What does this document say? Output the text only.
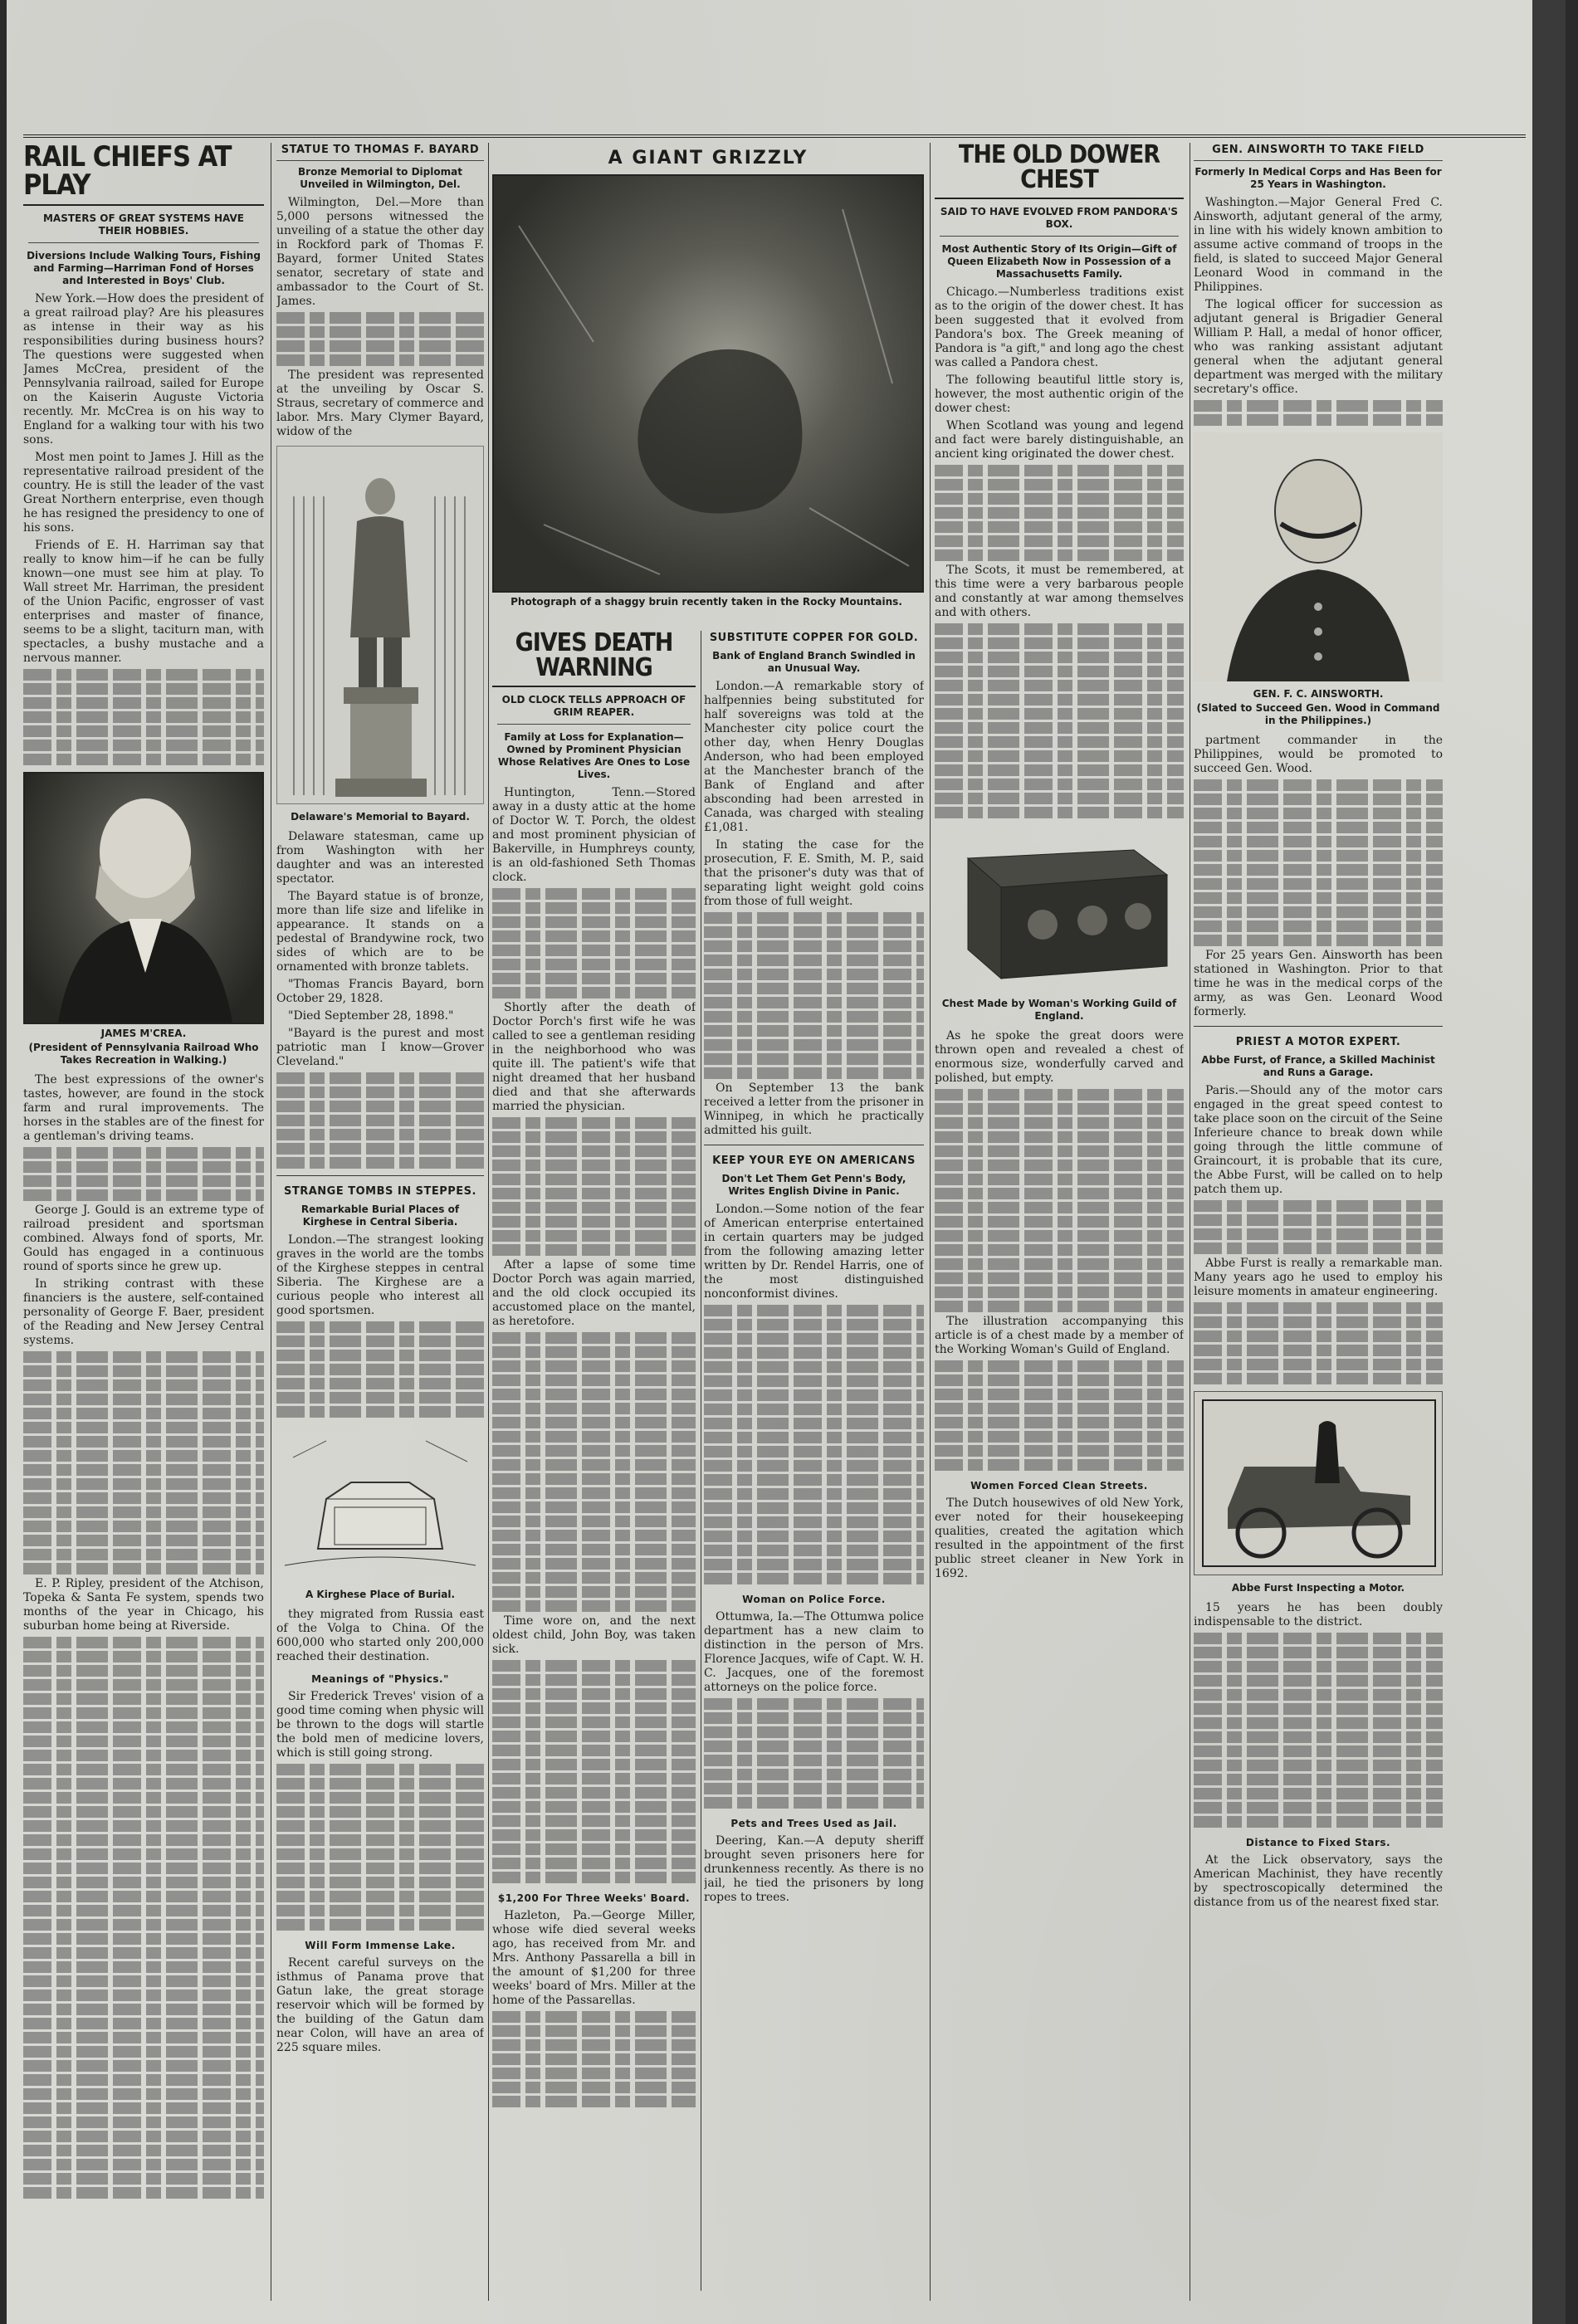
RAIL CHIEFS AT PLAY
MASTERS OF GREAT SYSTEMS HAVE THEIR HOBBIES.
Diversions Include Walking Tours, Fishing and Farming—Harriman Fond of Horses and Interested in Boys' Club.

New York.—How does the president of a great railroad play? Are his pleasures as intense in their way as his responsibilities during business hours? The questions were suggested when James McCrea, president of the Pennsylvania railroad, sailed for Europe on the Kaiserin Auguste Victoria recently. Mr. McCrea is on his way to England for a walking tour with his two sons.

Most men point to James J. Hill as the representative railroad president of the country. He is still the leader of the vast Great Northern enterprise, even though he has resigned the presidency to one of his sons.

Friends of E. H. Harriman say that really to know him—if he can be fully known—one must see him at play. To Wall street Mr. Harriman, the president of the Union Pacific, engrosser of vast enterprises and master of finance, seems to be a slight, taciturn man, with spectacles, a bushy mustache and a nervous manner.

JAMES M'CREA.
(President of Pennsylvania Railroad Who Takes Recreation in Walking.)

The best expressions of the owner's tastes, however, are found in the stock farm and rural improvements. The horses in the stables are of the finest for a gentleman's driving teams.

George J. Gould is an extreme type of railroad president and sportsman combined. Always fond of sports, Mr. Gould has engaged in a continuous round of sports since he grew up.

In striking contrast with these financiers is the austere, self-contained personality of George F. Baer, president of the Reading and New Jersey Central systems.

E. P. Ripley, president of the Atchison, Topeka & Santa Fe system, spends two months of the year in Chicago, his suburban home being at Riverside.

STATUE TO THOMAS F. BAYARD
Bronze Memorial to Diplomat Unveiled in Wilmington, Del.

Wilmington, Del.—More than 5,000 persons witnessed the unveiling of a statue the other day in Rockford park of Thomas F. Bayard, former United States senator, secretary of state and ambassador to the Court of St. James.

The president was represented at the unveiling by Oscar S. Straus, secretary of commerce and labor. Mrs. Mary Clymer Bayard, widow of the

Delaware's Memorial to Bayard.

Delaware statesman, came up from Washington with her daughter and was an interested spectator.

The Bayard statue is of bronze, more than life size and lifelike in appearance. It stands on a pedestal of Brandywine rock, two sides of which are to be ornamented with bronze tablets.

"Thomas Francis Bayard, born October 29, 1828.

"Died September 28, 1898."

"Bayard is the purest and most patriotic man I know—Grover Cleveland."

STRANGE TOMBS IN STEPPES.
Remarkable Burial Places of Kirghese in Central Siberia.

London.—The strangest looking graves in the world are the tombs of the Kirghese steppes in central Siberia. The Kirghese are a curious people who interest all good sportsmen.

A Kirghese Place of Burial.

they migrated from Russia east of the Volga to China. Of the 600,000 who started only 200,000 reached their destination.

Meanings of "Physics."

Sir Frederick Treves' vision of a good time coming when physic will be thrown to the dogs will startle the bold men of medicine lovers, which is still going strong.

Will Form Immense Lake.

Recent careful surveys on the isthmus of Panama prove that Gatun lake, the great storage reservoir which will be formed by the building of the Gatun dam near Colon, will have an area of 225 square miles.

A GIANT GRIZZLY
Photograph of a shaggy bruin recently taken in the Rocky Mountains.
GIVES DEATH WARNING
OLD CLOCK TELLS APPROACH OF GRIM REAPER.
Family at Loss for Explanation—Owned by Prominent Physician Whose Relatives Are Ones to Lose Lives.

Huntington, Tenn.—Stored away in a dusty attic at the home of Doctor W. T. Porch, the oldest and most prominent physician of Bakerville, in Humphreys county, is an old-fashioned Seth Thomas clock.

Shortly after the death of Doctor Porch's first wife he was called to see a gentleman residing in the neighborhood who was quite ill. The patient's wife that night dreamed that her husband died and that she afterwards married the physician.

After a lapse of some time Doctor Porch was again married, and the old clock occupied its accustomed place on the mantel, as heretofore.

Time wore on, and the next oldest child, John Boy, was taken sick.

$1,200 For Three Weeks' Board.

Hazleton, Pa.—George Miller, whose wife died several weeks ago, has received from Mr. and Mrs. Anthony Passarella a bill in the amount of $1,200 for three weeks' board of Mrs. Miller at the home of the Passarellas.

SUBSTITUTE COPPER FOR GOLD.
Bank of England Branch Swindled in an Unusual Way.

London.—A remarkable story of halfpennies being substituted for half sovereigns was told at the Manchester city police court the other day, when Henry Douglas Anderson, who had been employed at the Manchester branch of the Bank of England and after absconding had been arrested in Canada, was charged with stealing £1,081.

In stating the case for the prosecution, F. E. Smith, M. P., said that the prisoner's duty was that of separating light weight gold coins from those of full weight.

On September 13 the bank received a letter from the prisoner in Winnipeg, in which he practically admitted his guilt.

KEEP YOUR EYE ON AMERICANS
Don't Let Them Get Penn's Body, Writes English Divine in Panic.

London.—Some notion of the fear of American enterprise entertained in certain quarters may be judged from the following amazing letter written by Dr. Rendel Harris, one of the most distinguished nonconformist divines.

Woman on Police Force.

Ottumwa, Ia.—The Ottumwa police department has a new claim to distinction in the person of Mrs. Florence Jacques, wife of Capt. W. H. C. Jacques, one of the foremost attorneys on the police force.

Pets and Trees Used as Jail.

Deering, Kan.—A deputy sheriff brought seven prisoners here for drunkenness recently. As there is no jail, he tied the prisoners by long ropes to trees.

THE OLD DOWER CHEST
SAID TO HAVE EVOLVED FROM PANDORA'S BOX.
Most Authentic Story of Its Origin—Gift of Queen Elizabeth Now in Possession of a Massachusetts Family.

Chicago.—Numberless traditions exist as to the origin of the dower chest. It has been suggested that it evolved from Pandora's box. The Greek meaning of Pandora is "a gift," and long ago the chest was called a Pandora chest.

The following beautiful little story is, however, the most authentic origin of the dower chest:

When Scotland was young and legend and fact were barely distinguishable, an ancient king originated the dower chest.

The Scots, it must be remembered, at this time were a very barbarous people and constantly at war among themselves and with others.

Chest Made by Woman's Working Guild of England.

As he spoke the great doors were thrown open and revealed a chest of enormous size, wonderfully carved and polished, but empty.

The illustration accompanying this article is of a chest made by a member of the Working Woman's Guild of England.

Women Forced Clean Streets.

The Dutch housewives of old New York, ever noted for their housekeeping qualities, created the agitation which resulted in the appointment of the first public street cleaner in New York in 1692.

GEN. AINSWORTH TO TAKE FIELD
Formerly In Medical Corps and Has Been for 25 Years in Washington.

Washington.—Major General Fred C. Ainsworth, adjutant general of the army, in line with his widely known ambition to assume active command of troops in the field, is slated to succeed Major General Leonard Wood in command in the Philippines.

The logical officer for succession as adjutant general is Brigadier General William P. Hall, a medal of honor officer, who was ranking assistant adjutant general when the adjutant general department was merged with the military secretary's office.

GEN. F. C. AINSWORTH.
(Slated to Succeed Gen. Wood in Command in the Philippines.)

partment commander in the Philippines, would be promoted to succeed Gen. Wood.

For 25 years Gen. Ainsworth has been stationed in Washington. Prior to that time he was in the medical corps of the army, as was Gen. Leonard Wood formerly.

PRIEST A MOTOR EXPERT.
Abbe Furst, of France, a Skilled Machinist and Runs a Garage.

Paris.—Should any of the motor cars engaged in the great speed contest to take place soon on the circuit of the Seine Inferieure chance to break down while going through the little commune of Graincourt, it is probable that its cure, the Abbe Furst, will be called on to help patch them up.

Abbe Furst is really a remarkable man. Many years ago he used to employ his leisure moments in amateur engineering.

Abbe Furst Inspecting a Motor.

15 years he has been doubly indispensable to the district.

Distance to Fixed Stars.

At the Lick observatory, says the American Machinist, they have recently by spectroscopically determined the distance from us of the nearest fixed star.
